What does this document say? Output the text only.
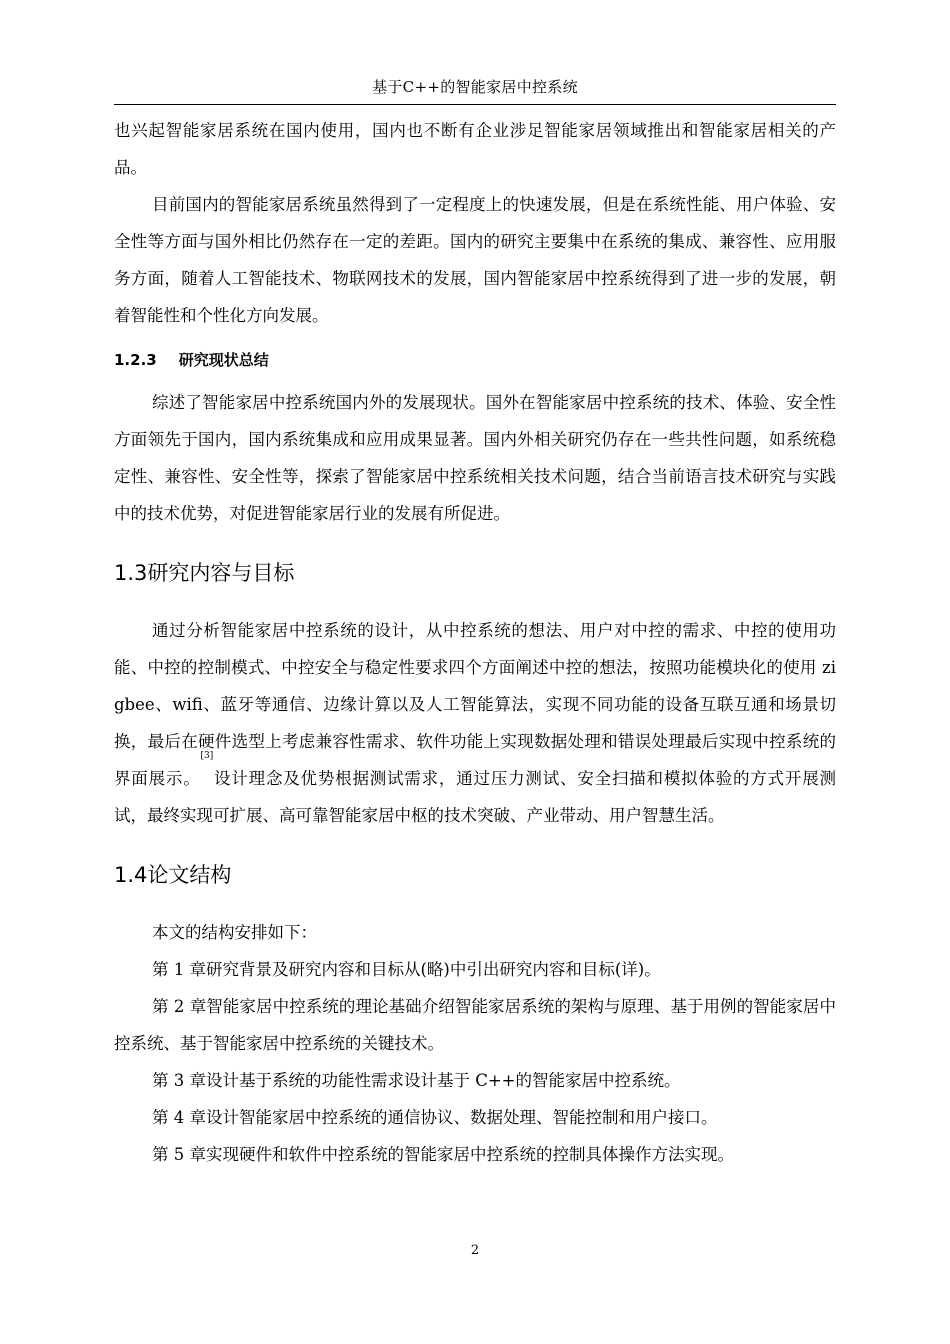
基于C++的智能家居中控系统

也兴起智能家居系统在国内使用，国内也不断有企业涉足智能家居领域推出和智能家居相关的产品。

目前国内的智能家居系统虽然得到了一定程度上的快速发展，但是在系统性能、用户体验、安全性等方面与国外相比仍然存在一定的差距。国内的研究主要集中在系统的集成、兼容性、应用服务方面，随着人工智能技术、物联网技术的发展，国内智能家居中控系统得到了进一步的发展，朝着智能性和个性化方向发展。

1.2.3 研究现状总结

综述了智能家居中控系统国内外的发展现状。国外在智能家居中控系统的技术、体验、安全性方面领先于国内，国内系统集成和应用成果显著。国内外相关研究仍存在一些共性问题，如系统稳定性、兼容性、安全性等，探索了智能家居中控系统相关技术问题，结合当前语言技术研究与实践中的技术优势，对促进智能家居行业的发展有所促进。

1.3研究内容与目标

通过分析智能家居中控系统的设计，从中控系统的想法、用户对中控的需求、中控的使用功能、中控的控制模式、中控安全与稳定性要求四个方面阐述中控的想法，按照功能模块化的使用 zigbee、wifi、蓝牙等通信、边缘计算以及人工智能算法，实现不同功能的设备互联互通和场景切换，最后在硬件选型上考虑兼容性需求、软件功能上实现数据处理和错误处理最后实现中控系统的界面展示。[3]设计理念及优势根据测试需求，通过压力测试、安全扫描和模拟体验的方式开展测试，最终实现可扩展、高可靠智能家居中枢的技术突破、产业带动、用户智慧生活。

1.4论文结构

本文的结构安排如下：

第 1 章研究背景及研究内容和目标从(略)中引出研究内容和目标(详)。

第 2 章智能家居中控系统的理论基础介绍智能家居系统的架构与原理、基于用例的智能家居中控系统、基于智能家居中控系统的关键技术。

第 3 章设计基于系统的功能性需求设计基于 C++的智能家居中控系统。

第 4 章设计智能家居中控系统的通信协议、数据处理、智能控制和用户接口。

第 5 章实现硬件和软件中控系统的智能家居中控系统的控制具体操作方法实现。

2
